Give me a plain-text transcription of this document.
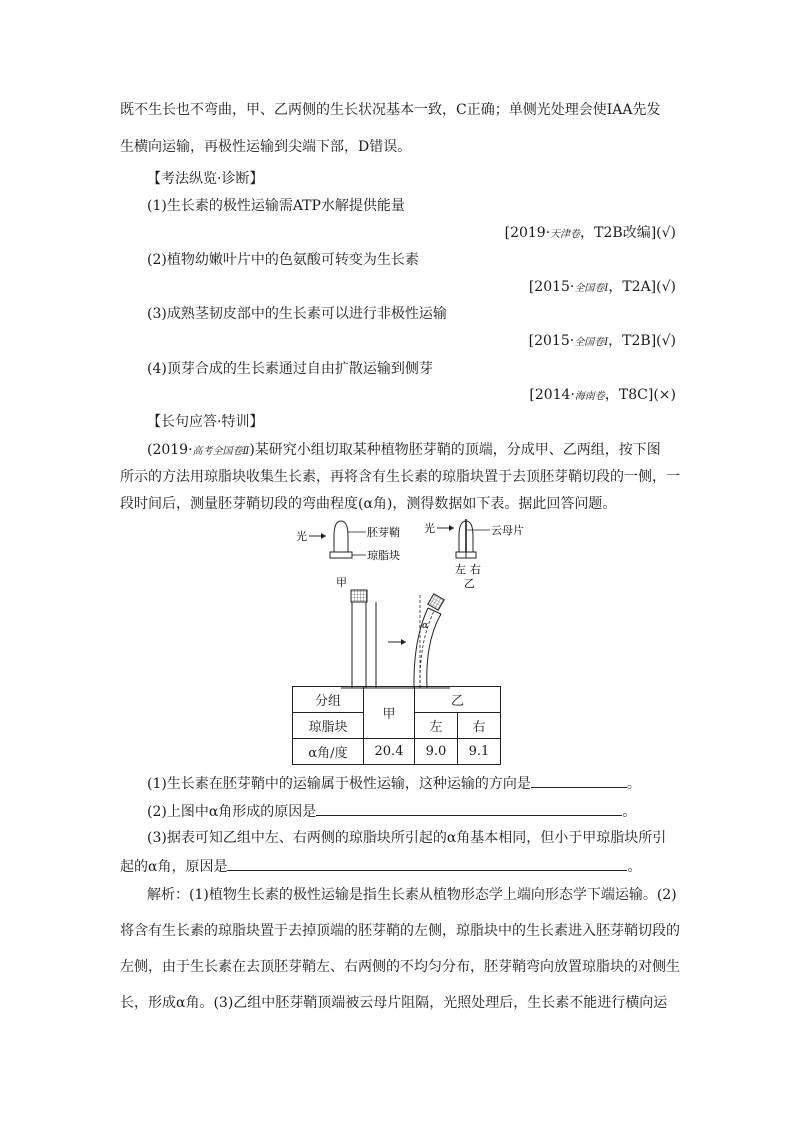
既不生长也不弯曲，甲、乙两侧的生长状况基本一致，C正确；单侧光处理会使IAA先发
生横向运输，再极性运输到尖端下部，D错误。
【考法纵览·诊断】
(1)生长素的极性运输需ATP水解提供能量
[2019·天津卷，T2B改编](√)
(2)植物幼嫩叶片中的色氨酸可转变为生长素
[2015·全国卷Ⅰ，T2A](√)
(3)成熟茎韧皮部中的生长素可以进行非极性运输
[2015·全国卷Ⅰ，T2B](√)
(4)顶芽合成的生长素通过自由扩散运输到侧芽
[2014·海南卷，T8C](×)
【长句应答·特训】
(2019·高考全国卷Ⅱ)某研究小组切取某种植物胚芽鞘的顶端，分成甲、乙两组，按下图
所示的方法用琼脂块收集生长素，再将含有生长素的琼脂块置于去顶胚芽鞘切段的一侧，一
段时间后，测量胚芽鞘切段的弯曲程度(α角)，测得数据如下表。据此回答问题。
光	胚芽鞘
琼脂块
甲
光	云母片
左 右
乙
α
分组	甲	乙	
琼脂块		左	右
α角/度	20.4	9.0	9.1
(1)生长素在胚芽鞘中的运输属于极性运输，这种运输的方向是	。
(2)上图中α角形成的原因是	。
(3)据表可知乙组中左、右两侧的琼脂块所引起的α角基本相同，但小于甲琼脂块所引
起的α角，原因是	。
解析：(1)植物生长素的极性运输是指生长素从植物形态学上端向形态学下端运输。(2)
将含有生长素的琼脂块置于去掉顶端的胚芽鞘的左侧，琼脂块中的生长素进入胚芽鞘切段的
左侧，由于生长素在去顶胚芽鞘左、右两侧的不均匀分布，胚芽鞘弯向放置琼脂块的对侧生
长，形成α角。(3)乙组中胚芽鞘顶端被云母片阻隔，光照处理后，生长素不能进行横向运
